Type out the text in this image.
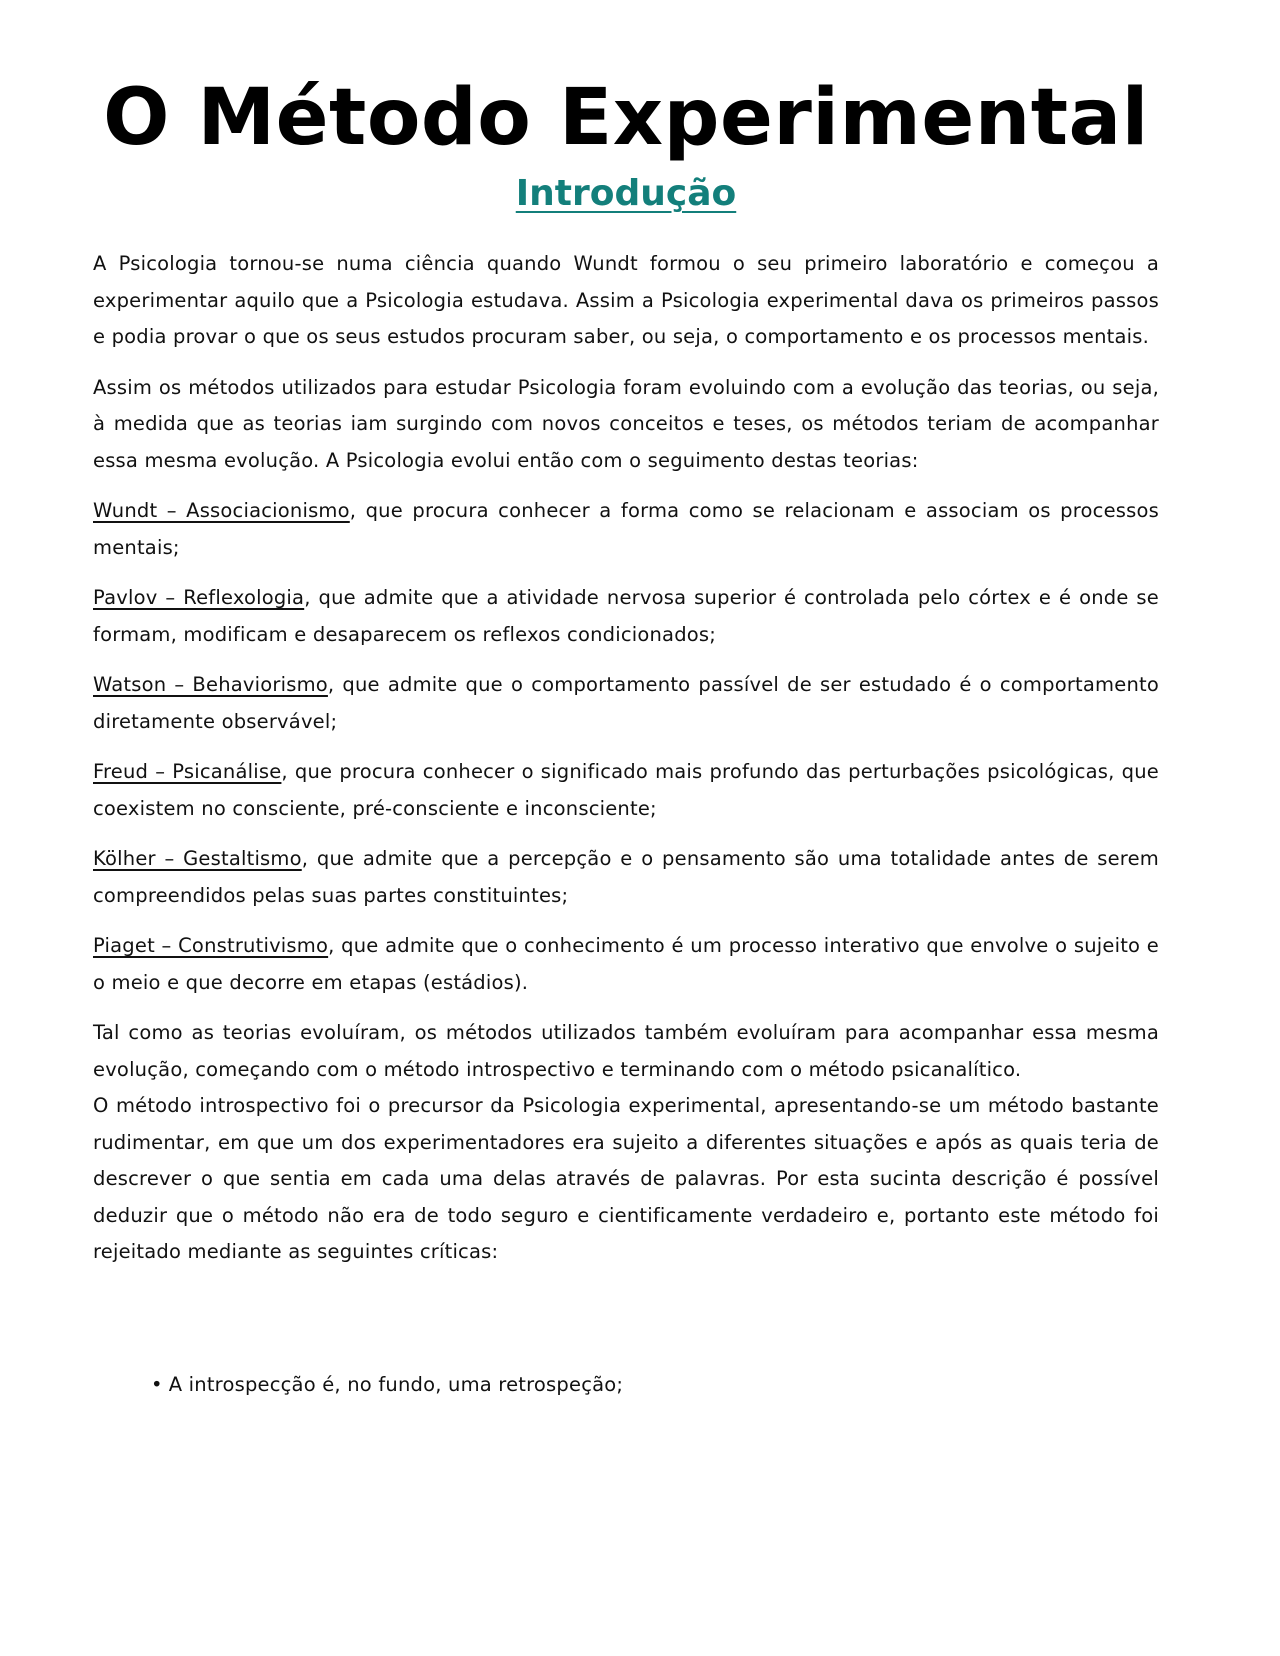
O Método Experimental
Introdução

A Psicologia tornou-se numa ciência quando Wundt formou o seu primeiro laboratório e começou a experimentar aquilo que a Psicologia estudava. Assim a Psicologia experimental dava os primeiros passos e podia provar o que os seus estudos procuram saber, ou seja, o comportamento e os processos mentais.

Assim os métodos utilizados para estudar Psicologia foram evoluindo com a evolução das teorias, ou seja, à medida que as teorias iam surgindo com novos conceitos e teses, os métodos teriam de acompanhar essa mesma evolução. A Psicologia evolui então com o seguimento destas teorias:

Wundt – Associacionismo, que procura conhecer a forma como se relacionam e associam os processos mentais;

Pavlov – Reflexologia, que admite que a atividade nervosa superior é controlada pelo córtex e é onde se formam, modificam e desaparecem os reflexos condicionados;

Watson – Behaviorismo, que admite que o comportamento passível de ser estudado é o comportamento diretamente observável;

Freud – Psicanálise, que procura conhecer o significado mais profundo das perturbações psicológicas, que coexistem no consciente, pré-consciente e inconsciente;

Kölher – Gestaltismo, que admite que a percepção e o pensamento são uma totalidade antes de serem compreendidos pelas suas partes constituintes;

Piaget – Construtivismo, que admite que o conhecimento é um processo interativo que envolve o sujeito e o meio e que decorre em etapas (estádios).

Tal como as teorias evoluíram, os métodos utilizados também evoluíram para acompanhar essa mesma evolução, começando com o método introspectivo e terminando com o método psicanalítico.

O método introspectivo foi o precursor da Psicologia experimental, apresentando-se um método bastante rudimentar, em que um dos experimentadores era sujeito a diferentes situações e após as quais teria de descrever o que sentia em cada uma delas através de palavras. Por esta sucinta descrição é possível deduzir que o método não era de todo seguro e cientificamente verdadeiro e, portanto este método foi rejeitado mediante as seguintes críticas:

• A introspecção é, no fundo, uma retrospeção;
